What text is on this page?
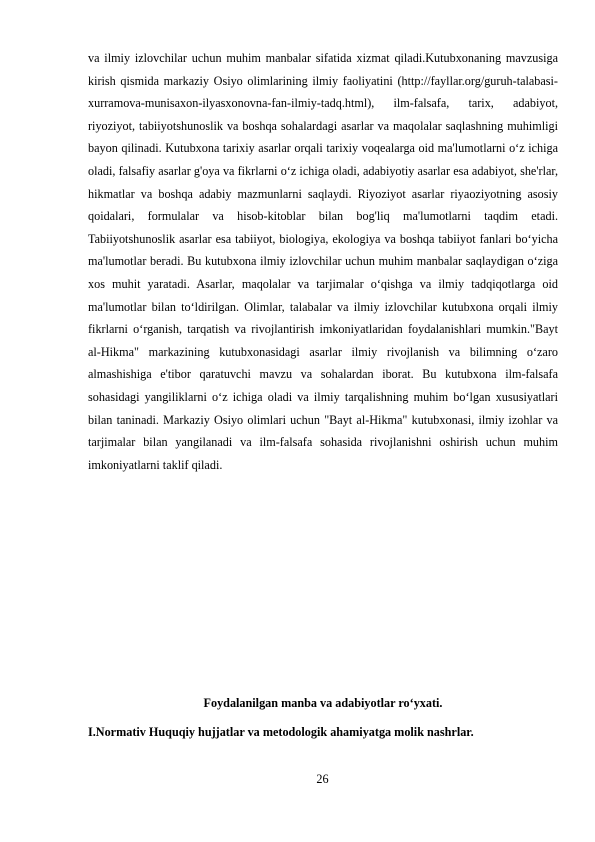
va ilmiy izlovchilar uchun muhim manbalar sifatida xizmat qiladi.Kutubxonaning mavzusiga kirish qismida markaziy Osiyo olimlarining ilmiy faoliyatini (http://fayllar.org/guruh-talabasi-xurramova-munisaxon-ilyasxonovna-fan-ilmiy-tadq.html), ilm-falsafa, tarix, adabiyot, riyoziyot, tabiiyotshunoslik va boshqa sohalardagi asarlar va maqolalar saqlashning muhimligi bayon qilinadi. Kutubxona tarixiy asarlar orqali tarixiy voqealarga oid ma'lumotlarni o‘z ichiga oladi, falsafiy asarlar g'oya va fikrlarni o‘z ichiga oladi, adabiyotiy asarlar esa adabiyot, she'rlar, hikmatlar va boshqa adabiy mazmunlarni saqlaydi. Riyoziyot asarlar riyaoziyotning asosiy qoidalari, formulalar va hisob-kitoblar bilan bog'liq ma'lumotlarni taqdim etadi. Tabiiyotshunoslik asarlar esa tabiiyot, biologiya, ekologiya va boshqa tabiiyot fanlari bo‘yicha ma'lumotlar beradi. Bu kutubxona ilmiy izlovchilar uchun muhim manbalar saqlaydigan o‘ziga xos muhit yaratadi. Asarlar, maqolalar va tarjimalar o‘qishga va ilmiy tadqiqotlarga oid ma'lumotlar bilan to‘ldirilgan. Olimlar, talabalar va ilmiy izlovchilar kutubxona orqali ilmiy fikrlarni o‘rganish, tarqatish va rivojlantirish imkoniyatlaridan foydalanishlari mumkin."Bayt al-Hikma" markazining kutubxonasidagi asarlar ilmiy rivojlanish va bilimning o‘zaro almashishiga e'tibor qaratuvchi mavzu va sohalardan iborat. Bu kutubxona ilm-falsafa sohasidagi yangiliklarni o‘z ichiga oladi va ilmiy tarqalishning muhim bo‘lgan xususiyatlari bilan taninadi. Markaziy Osiyo olimlari uchun "Bayt al-Hikma" kutubxonasi, ilmiy izohlar va tarjimalar bilan yangilanadi va ilm-falsafa sohasida rivojlanishni oshirish uchun muhim imkoniyatlarni taklif qiladi.

Foydalanilgan manba va adabiyotlar ro‘yxati.

I.Normativ Huquqiy hujjatlar va metodologik ahamiyatga molik nashrlar.

26
